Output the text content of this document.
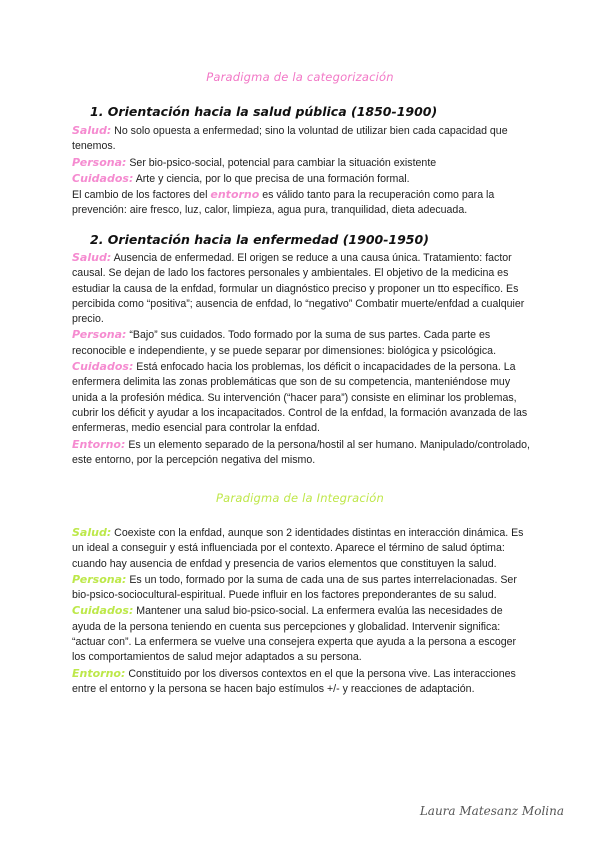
Paradigma de la categorización
1. Orientación hacia la salud pública (1850-1900)

Salud: No solo opuesta a enfermedad; sino la voluntad de utilizar bien cada capacidad que tenemos.

Persona: Ser bio-psico-social, potencial para cambiar la situación existente

Cuidados: Arte y ciencia, por lo que precisa de una formación formal.

El cambio de los factores del entorno es válido tanto para la recuperación como para la prevención: aire fresco, luz, calor, limpieza, agua pura, tranquilidad, dieta adecuada.

2. Orientación hacia la enfermedad (1900-1950)

Salud: Ausencia de enfermedad. El origen se reduce a una causa única. Tratamiento: factor causal. Se dejan de lado los factores personales y ambientales. El objetivo de la medicina es estudiar la causa de la enfdad, formular un diagnóstico preciso y proponer un tto específico. Es percibida como “positiva”; ausencia de enfdad, lo “negativo” Combatir muerte/enfdad a cualquier precio.

Persona: “Bajo” sus cuidados. Todo formado por la suma de sus partes. Cada parte es reconocible e independiente, y se puede separar por dimensiones: biológica y psicológica.

Cuidados: Está enfocado hacia los problemas, los déficit o incapacidades de la persona. La enfermera delimita las zonas problemáticas que son de su competencia, manteniéndose muy unida a la profesión médica. Su intervención (“hacer para”) consiste en eliminar los problemas, cubrir los déficit y ayudar a los incapacitados. Control de la enfdad, la formación avanzada de las enfermeras, medio esencial para controlar la enfdad.

Entorno: Es un elemento separado de la persona/hostil al ser humano. Manipulado/controlado, este entorno, por la percepción negativa del mismo.

Paradigma de la Integración

Salud: Coexiste con la enfdad, aunque son 2 identidades distintas en interacción dinámica. Es un ideal a conseguir y está influenciada por el contexto. Aparece el término de salud óptima: cuando hay ausencia de enfdad y presencia de varios elementos que constituyen la salud.

Persona: Es un todo, formado por la suma de cada una de sus partes interrelacionadas. Ser bio-psico-sociocultural-espiritual. Puede influir en los factores preponderantes de su salud.

Cuidados: Mantener una salud bio-psico-social. La enfermera evalúa las necesidades de ayuda de la persona teniendo en cuenta sus percepciones y globalidad. Intervenir significa: “actuar con”. La enfermera se vuelve una consejera experta que ayuda a la persona a escoger los comportamientos de salud mejor adaptados a su persona.

Entorno: Constituido por los diversos contextos en el que la persona vive. Las interacciones entre el entorno y la persona se hacen bajo estímulos +/- y reacciones de adaptación.

Laura Matesanz Molina
